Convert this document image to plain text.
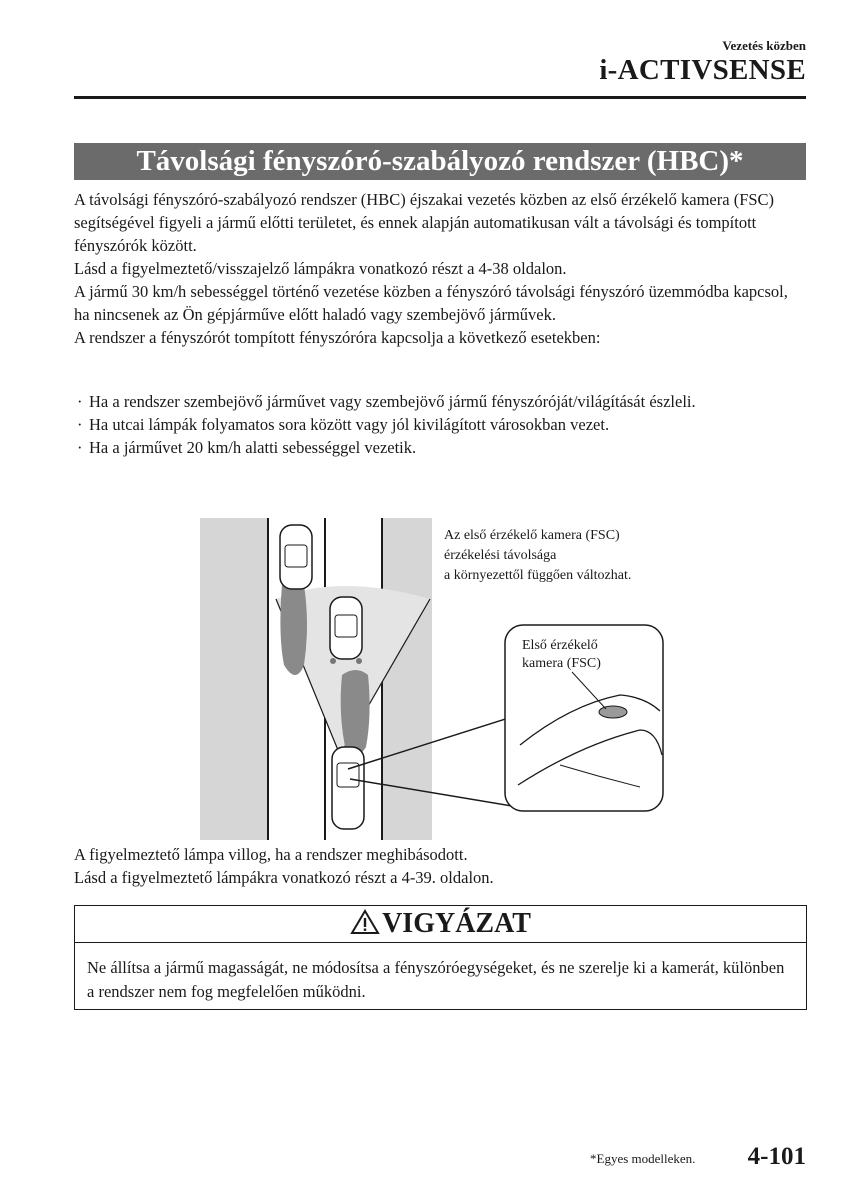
Vezetés közben
i-ACTIVSENSE
Távolsági fényszóró-szabályozó rendszer (HBC)*

A távolsági fényszóró-szabályozó rendszer (HBC) éjszakai vezetés közben az első érzékelő kamera (FSC) segítségével figyeli a jármű előtti területet, és ennek alapján automatikusan vált a távolsági és tompított fényszórók között.

Lásd a figyelmeztető/visszajelző lámpákra vonatkozó részt a 4-38 oldalon.

A jármű 30 km/h sebességgel történő vezetése közben a fényszóró távolsági fényszóró üzemmódba kapcsol, ha nincsenek az Ön gépjárműve előtt haladó vagy szembejövő járművek.

A rendszer a fényszórót tompított fényszóróra kapcsolja a következő esetekben:

· Ha a rendszer szembejövő járművet vagy szembejövő jármű fényszóróját/világítását észleli.

· Ha utcai lámpák folyamatos sora között vagy jól kivilágított városokban vezet.

· Ha a járművet 20 km/h alatti sebességgel vezetik.

Az első érzékelő kamera (FSC)
érzékelési távolsága
a környezettől függően változhat.
Első érzékelő
kamera (FSC)

A figyelmeztető lámpa villog, ha a rendszer meghibásodott.

Lásd a figyelmeztető lámpákra vonatkozó részt a 4-39. oldalon.

VIGYÁZAT
Ne állítsa a jármű magasságát, ne módosítsa a fényszóróegységeket, és ne szerelje ki a kamerát, különben a rendszer nem fog megfelelően működni.
*Egyes modelleken. 4-101
